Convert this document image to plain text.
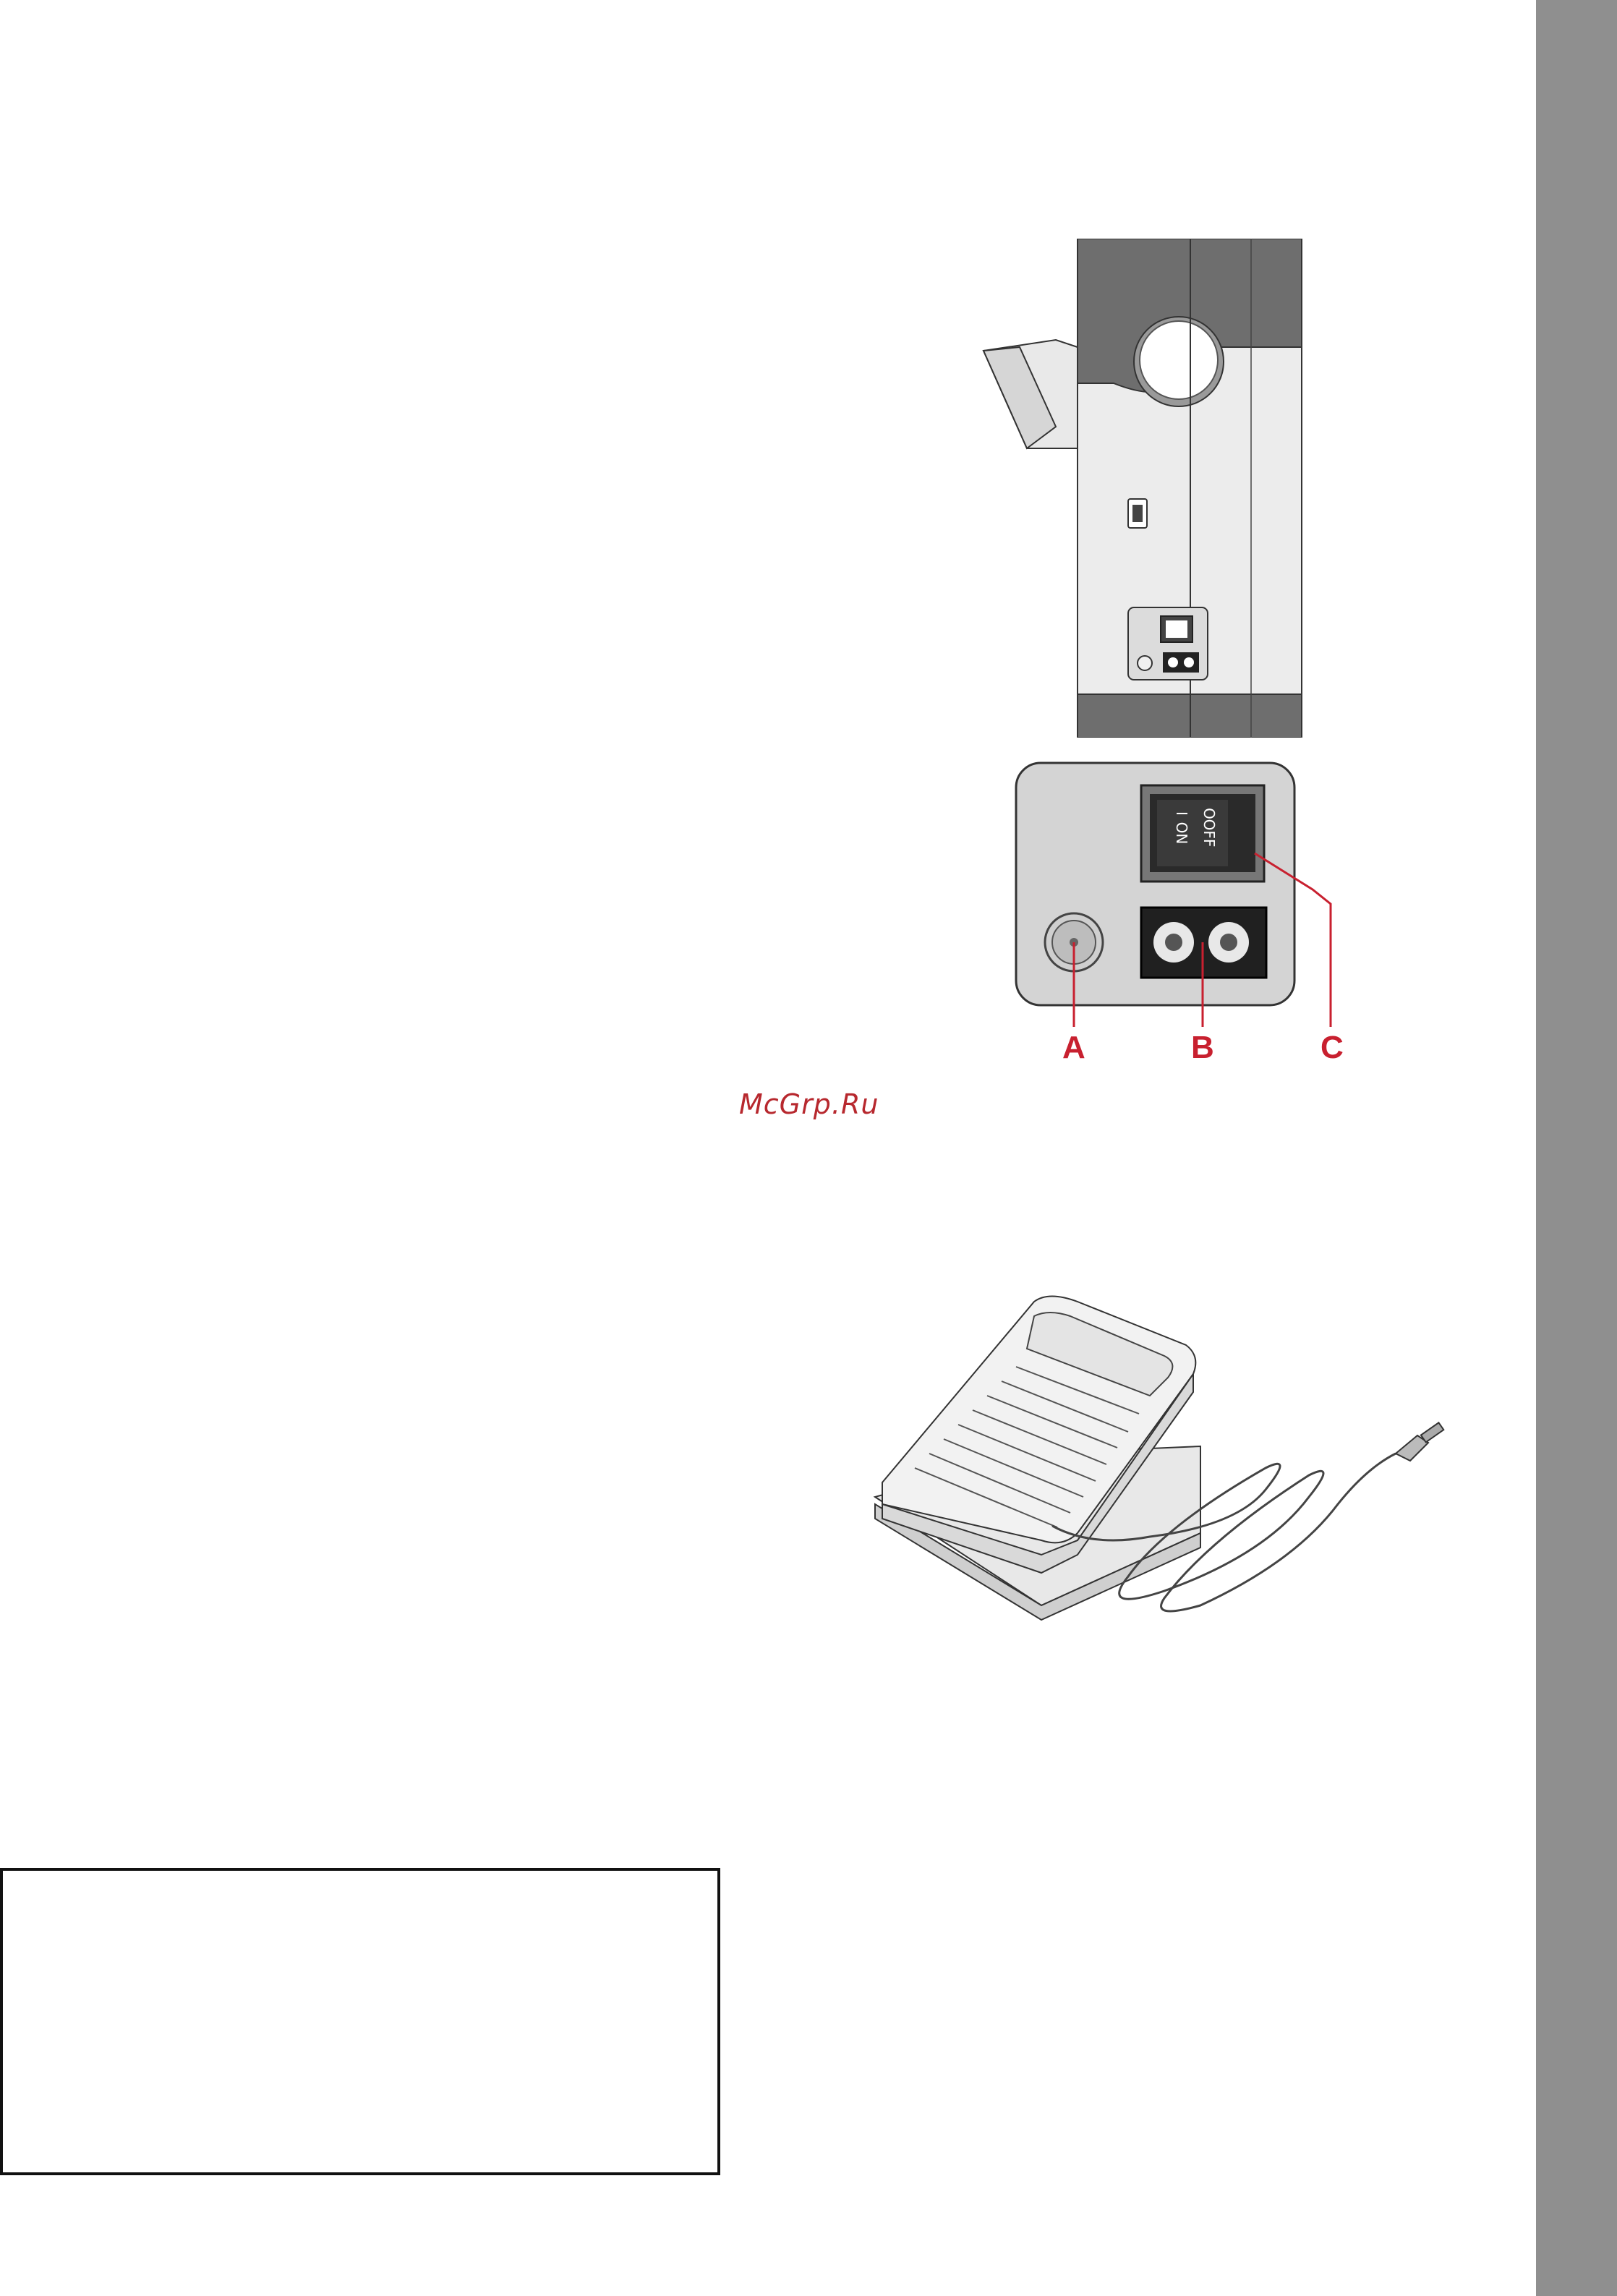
OFF
ON
O
I
A	B	C
McGrp.Ru
